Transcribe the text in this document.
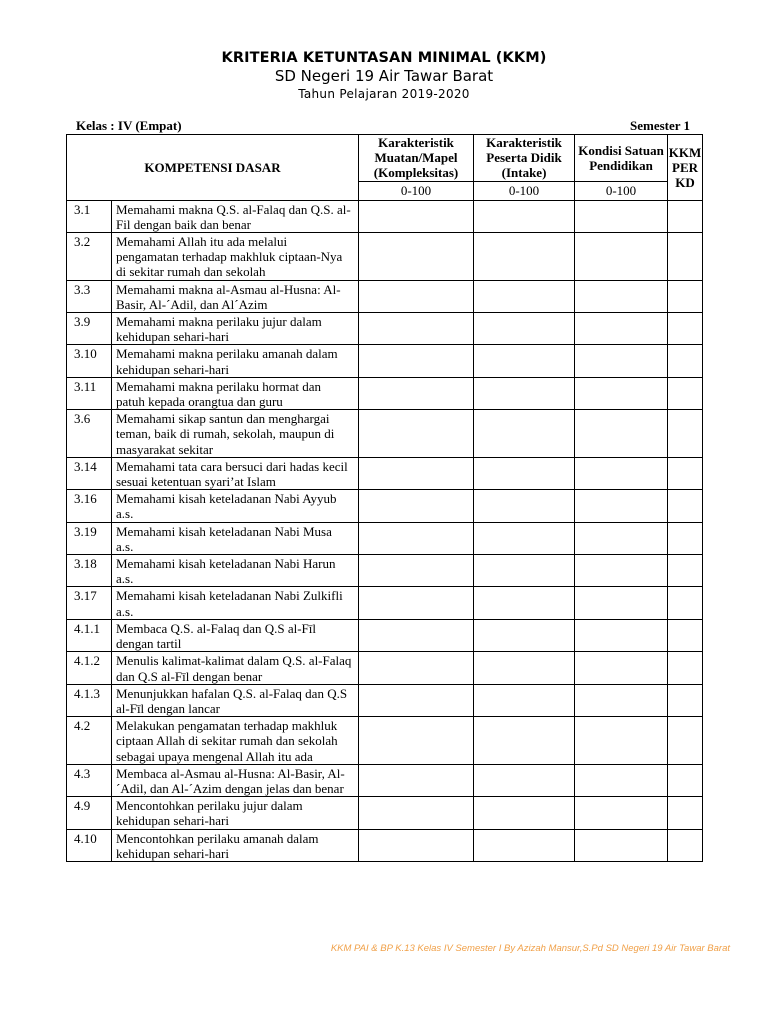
KRITERIA KETUNTASAN MINIMAL (KKM)
SD Negeri 19 Air Tawar Barat
Tahun Pelajaran 2019-2020
Kelas : IV (Empat)	Semester 1
KOMPETENSI DASAR		Karakteristik Muatan/Mapel (Kompleksitas)	Karakteristik Peserta Didik (Intake)	Kondisi Satuan Pendidikan	KKM PER KD
		0-100	0-100	0-100	
3.1	Memahami makna Q.S. al-Falaq dan Q.S. al-Fil dengan baik dan benar				
3.2	Memahami Allah itu ada melalui pengamatan terhadap makhluk ciptaan-Nya di sekitar rumah dan sekolah				
3.3	Memahami makna al-Asmau al-Husna: Al-Basir, Al-´Adil, dan Al´Azim				
3.9	Memahami makna perilaku jujur dalam kehidupan sehari-hari				
3.10	Memahami makna perilaku amanah dalam kehidupan sehari-hari				
3.11	Memahami makna perilaku hormat dan patuh kepada orangtua dan guru				
3.6	Memahami sikap santun dan menghargai teman, baik di rumah, sekolah, maupun di masyarakat sekitar				
3.14	Memahami tata cara bersuci dari hadas kecil sesuai ketentuan syari’at Islam				
3.16	Memahami kisah keteladanan Nabi Ayyub a.s.				
3.19	Memahami kisah keteladanan Nabi Musa a.s.				
3.18	Memahami kisah keteladanan Nabi Harun a.s.				
3.17	Memahami kisah keteladanan Nabi Zulkifli a.s.				
4.1.1	Membaca Q.S. al-Falaq dan Q.S al-Fīl dengan tartil				
4.1.2	Menulis kalimat-kalimat dalam Q.S. al-Falaq dan Q.S al-Fīl dengan benar				
4.1.3	Menunjukkan hafalan Q.S. al-Falaq dan Q.S al-Fīl dengan lancar				
4.2	Melakukan pengamatan terhadap makhluk ciptaan Allah di sekitar rumah dan sekolah sebagai upaya mengenal Allah itu ada				
4.3	Membaca al-Asmau al-Husna: Al-Basir, Al-´Adil, dan Al-´Azim dengan jelas dan benar				
4.9	Mencontohkan perilaku jujur dalam kehidupan sehari-hari				
4.10	Mencontohkan perilaku amanah dalam kehidupan sehari-hari				
KKM PAI & BP K.13 Kelas IV Semester I By Azizah Mansur,S.Pd SD Negeri 19 Air Tawar Barat
